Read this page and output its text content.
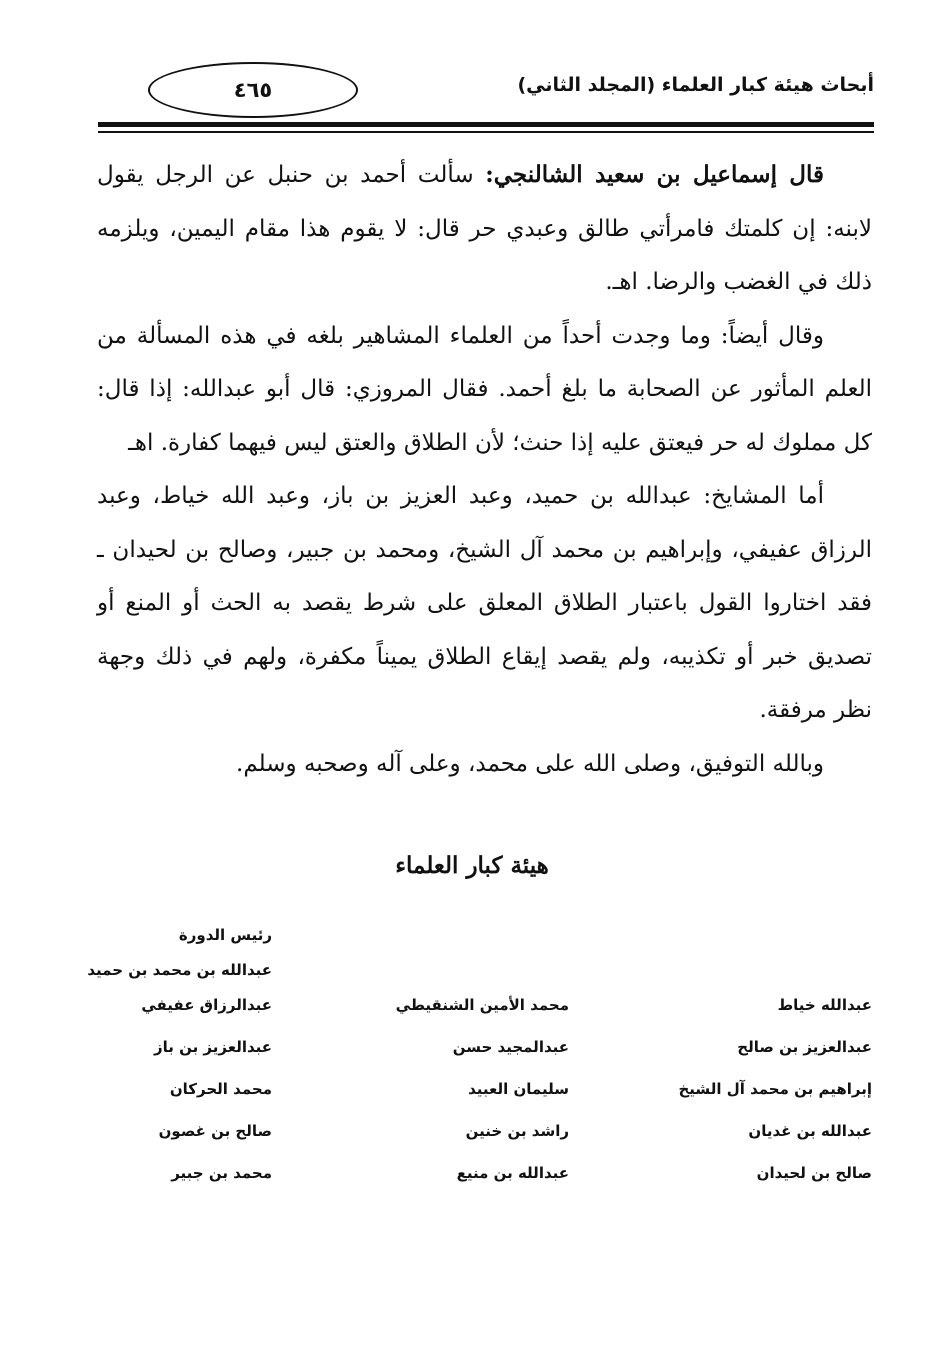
أبحاث هيئة كبار العلماء (المجلد الثاني)
٤٦٥

قال إسماعيل بن سعيد الشالنجي: سألت أحمد بن حنبل عن الرجل يقول لابنه: إن كلمتك فامرأتي طالق وعبدي حر قال: لا يقوم هذا مقام اليمين، ويلزمه ذلك في الغضب والرضا. اهـ.

وقال أيضاً: وما وجدت أحداً من العلماء المشاهير بلغه في هذه المسألة من العلم المأثور عن الصحابة ما بلغ أحمد. فقال المروزي: قال أبو عبدالله: إذا قال: كل مملوك له حر فيعتق عليه إذا حنث؛ لأن الطلاق والعتق ليس فيهما كفارة. اهـ

أما المشايخ: عبدالله بن حميد، وعبد العزيز بن باز، وعبد الله خياط، وعبد الرزاق عفيفي، وإبراهيم بن محمد آل الشيخ، ومحمد بن جبير، وصالح بن لحيدان ـ فقد اختاروا القول باعتبار الطلاق المعلق على شرط يقصد به الحث أو المنع أو تصديق خبر أو تكذيبه، ولم يقصد إيقاع الطلاق يميناً مكفرة، ولهم في ذلك وجهة نظر مرفقة.

وبالله التوفيق، وصلى الله على محمد، وعلى آله وصحبه وسلم.

هيئة كبار العلماء
رئيس الدورة
عبدالله بن محمد بن حميد
عبدالله خياط
عبدالعزيز بن صالح
إبراهيم بن محمد آل الشيخ
عبدالله بن غديان
صالح بن لحيدان
محمد الأمين الشنقيطي
عبدالمجيد حسن
سليمان العبيد
راشد بن خنين
عبدالله بن منيع
عبدالرزاق عفيفي
عبدالعزيز بن باز
محمد الحركان
صالح بن غصون
محمد بن جبير
